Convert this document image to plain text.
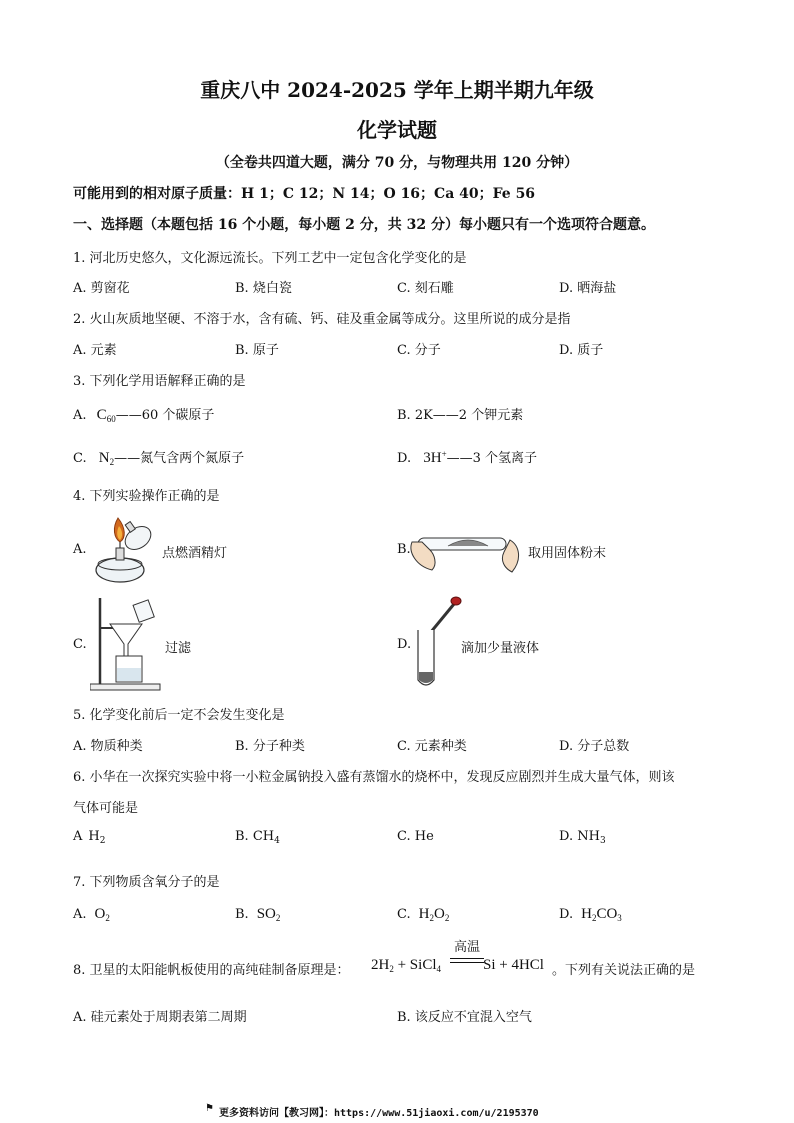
重庆八中 2024-2025 学年上期半期九年级
化学试题
（全卷共四道大题，满分 70 分，与物理共用 120 分钟）
可能用到的相对原子质量：H 1；C 12；N 14；O 16；Ca 40；Fe 56
一、选择题（本题包括 16 个小题，每小题 2 分，共 32 分）每小题只有一个选项符合题意。
1. 河北历史悠久，文化源远流长。下列工艺中一定包含化学变化的是
A. 剪窗花	B. 烧白瓷	C. 刻石雕	D. 晒海盐
2. 火山灰质地坚硬、不溶于水，含有硫、钙、硅及重金属等成分。这里所说的成分是指
A. 元素	B. 原子	C. 分子	D. 质子
3. 下列化学用语解释正确的是
A. $C_{60}——60$ 个碳原子	B. 2K——2 个钾元素
C. $N_2——$氮气含两个氮原子	D. 3H+——3 个氢离子
4. 下列实验操作正确的是
A.	点燃酒精灯	B.	取用固体粉末
C.	过滤	D.	滴加少量液体
5. 化学变化前后一定不会发生变化是
A. 物质种类	B. 分子种类	C. 元素种类	D. 分子总数
6. 小华在一次探究实验中将一小粒金属钠投入盛有蒸馏水的烧杯中，发现反应剧烈并生成大量气体，则该
气体可能是
A $H_2$	B. $CH_4$	C. He	D. $NH_3$
7. 下列物质含氧分子的是
A. $O_2$	B. $SO_2$	C. $H_2O_2$	D. $H_2CO_3$
8. 卫星的太阳能帆板使用的高纯硅制备原理是： $2H_2$ + SiCl$_4$
高温
Si + 4HCl 。下列有关说法正确的是
A. 硅元素处于周期表第二周期	B. 该反应不宜混入空气
⚑ 更多资料访问【教习网】：https://www.51jiaoxi.com/u/2195370
